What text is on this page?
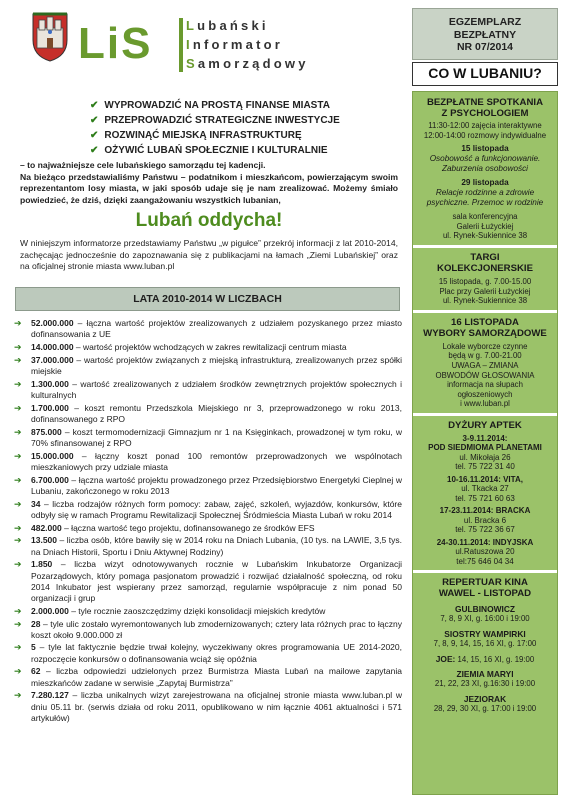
LiS	Lubański
Informator
Samorządowy
EGZEMPLARZ
BEZPŁATNY
NR 07/2014
CO W LUBANIU?
✔ WYPROWADZIĆ NA PROSTĄ FINANSE MIASTA
✔ PRZEPROWADZIĆ STRATEGICZNE INWESTYCJE
✔ ROZWINĄĆ MIEJSKĄ INFRASTRUKTURĘ
✔ OŻYWIĆ LUBAŃ SPOŁECZNIE I KULTURALNIE
– to najważniejsze cele lubańskiego samorządu tej kadencji.
Na bieżąco przedstawialiśmy Państwu – podatnikom i mieszkańcom, powierzającym swoim reprezentantom losy miasta, w jaki sposób udaje się je nam zrealizować. Możemy śmiało powiedzieć, że dziś, dzięki zaangażowaniu wszystkich lubanian,
Lubań oddycha!
W niniejszym informatorze przedstawiamy Państwu „w pigułce” przekrój informacji z lat 2010-2014, zachęcając jednocześnie do zapoznawania się z publikacjami na łamach „Ziemi Lubańskiej” oraz na oficjalnej stronie miasta www.luban.pl
LATA 2010-2014 W LICZBACH
➔ 52.000.000 – łączna wartość projektów zrealizowanych z udziałem pozyskanego przez miasto dofinansowania z UE
➔ 14.000.000 – wartość projektów wchodzących w zakres rewitalizacji centrum miasta
➔ 37.000.000 – wartość projektów związanych z miejską infrastrukturą, zrealizowanych przez spółki miejskie
➔ 1.300.000 – wartość zrealizowanych z udziałem środków zewnętrznych projektów społecznych i kulturalnych
➔ 1.700.000 – koszt remontu Przedszkola Miejskiego nr 3, przeprowadzonego w roku 2013, dofinansowanego z RPO
➔ 875.000 – koszt termomodernizacji Gimnazjum nr 1 na Księginkach, prowadzonej w tym roku, w 70% sfinansowanej z RPO
➔ 15.000.000 – łączny koszt ponad 100 remontów przeprowadzonych we wspólnotach mieszkaniowych przy udziale miasta
➔ 6.700.000 – łączna wartość projektu prowadzonego przez Przedsiębiorstwo Energetyki Cieplnej w Lubaniu, zakończonego w roku 2013
➔ 34 – liczba rodzajów różnych form pomocy: zabaw, zajęć, szkoleń, wyjazdów, konkursów, które odbyły się w ramach Programu Rewitalizacji Społecznej Śródmieścia Miasta Lubań w roku 2014
➔ 482.000 – łączna wartość tego projektu, dofinansowanego ze środków EFS
➔ 13.500 – liczba osób, które bawiły się w 2014 roku na Dniach Lubania, (10 tys. na LAWIE, 3,5 tys. na Dniach Historii, Sportu i Dniu Aktywnej Rodziny)
➔ 1.850 – liczba wizyt odnotowywanych rocznie w Lubańskim Inkubatorze Organizacji Pozarządowych, który pomaga pasjonatom prowadzić i rozwijać działalność społeczną, od roku 2014 Inkubator jest wspierany przez samorząd, regularnie współpracuje z nim ponad 50 organizacji i grup
➔ 2.000.000 – tyle rocznie zaoszczędzimy dzięki konsolidacji miejskich kredytów
➔ 28 – tyle ulic zostało wyremontowanych lub zmodernizowanych; cztery lata różnych prac to łączny koszt około 9.000.000 zł
➔ 5 – tyle lat faktycznie będzie trwał kolejny, wyczekiwany okres programowania UE 2014-2020, rozpoczęcie konkursów o dofinansowania wciąż się opóźnia
➔ 62 – liczba odpowiedzi udzielonych przez Burmistrza Miasta Lubań na mailowe zapytania mieszkańców zadane w serwisie „Zapytaj Burmistrza”
➔ 7.280.127 – liczba unikalnych wizyt zarejestrowana na oficjalnej stronie miasta www.luban.pl w dniu 05.11 br. (serwis działa od roku 2011, opublikowano w nim łącznie 4061 aktualności i 571 artykułów)
BEZPŁATNE SPOTKANIA
Z PSYCHOLOGIEM
11:30-12:00 zajęcia interaktywne
12:00-14:00 rozmowy indywidualne
15 listopada
Osobowość a funkcjonowanie.
Zaburzenia osobowości
29 listopada
Relacje rodzinne a zdrowie
psychiczne. Przemoc w rodzinie
sala konferencyjna
Galerii Łużyckiej
ul. Rynek-Sukiennice 38
TARGI
KOLEKCJONERSKIE
15 listopada, g. 7.00-15.00
Plac przy Galerii Łużyckiej
ul. Rynek-Sukiennice 38
16 LISTOPADA
WYBORY SAMORZĄDOWE
Lokale wyborcze czynne
będą w g. 7.00-21.00
UWAGA – ZMIANA
OBWODÓW GŁOSOWANIA
informacja na słupach
ogłoszeniowych
i www.luban.pl
DYŻURY APTEK
3-9.11.2014:
POD SIEDMIOMA PLANETAMI
ul. Mikołaja 26
tel. 75 722 31 40
10-16.11.2014: VITA,
ul. Tkacka 27
tel. 75 721 60 63
17-23.11.2014: BRACKA
ul. Bracka 6
tel. 75 722 36 67
24-30.11.2014: INDYJSKA
ul.Ratuszowa 20
tel:75 646 04 34
REPERTUAR KINA
WAWEL - LISTOPAD
GULBINOWICZ
7, 8, 9 XI, g. 16:00 i 19:00
SIOSTRY WAMPIRKI
7, 8, 9, 14, 15, 16 XI, g. 17:00
JOE: 14, 15, 16 XI, g. 19:00
ZIEMIA MARYI
21, 22, 23 XI, g.16:30 i 19:00
JEZIORAK
28, 29, 30 XI, g. 17:00 i 19:00
